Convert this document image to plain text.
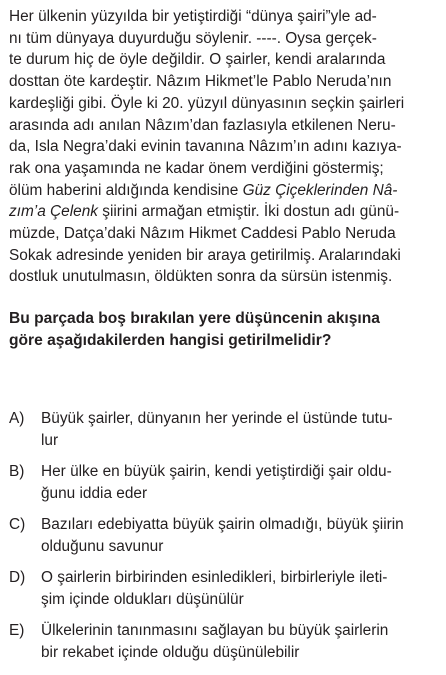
Her ülkenin yüzyılda bir yetiştirdiği “dünya şairi”yle ad-
nı tüm dünyaya duyurduğu söylenir. ----. Oysa gerçek-
te durum hiç de öyle değildir. O şairler, kendi aralarında
dosttan öte kardeştir. Nâzım Hikmet’le Pablo Neruda’nın
kardeşliği gibi. Öyle ki 20. yüzyıl dünyasının seçkin şairleri
arasında adı anılan Nâzım’dan fazlasıyla etkilenen Neru-
da, Isla Negra’daki evinin tavanına Nâzım’ın adını kazıya-
rak ona yaşamında ne kadar önem verdiğini göstermiş;
ölüm haberini aldığında kendisine Güz Çiçeklerinden Nâ-
zım’a Çelenk şiirini armağan etmiştir. İki dostun adı günü-
müzde, Datça’daki Nâzım Hikmet Caddesi Pablo Neruda
Sokak adresinde yeniden bir araya getirilmiş. Aralarındaki
dostluk unutulmasın, öldükten sonra da sürsün istenmiş.
Bu parçada boş bırakılan yere düşüncenin akışına
göre aşağıdakilerden hangisi getirilmelidir?
A) Büyük şairler, dünyanın her yerinde el üstünde tutu-
lur
B) Her ülke en büyük şairin, kendi yetiştirdiği şair oldu-
ğunu iddia eder
C) Bazıları edebiyatta büyük şairin olmadığı, büyük şiirin
olduğunu savunur
D) O şairlerin birbirinden esinledikleri, birbirleriyle ileti-
şim içinde oldukları düşünülür
E) Ülkelerinin tanınmasını sağlayan bu büyük şairlerin
bir rekabet içinde olduğu düşünülebilir
